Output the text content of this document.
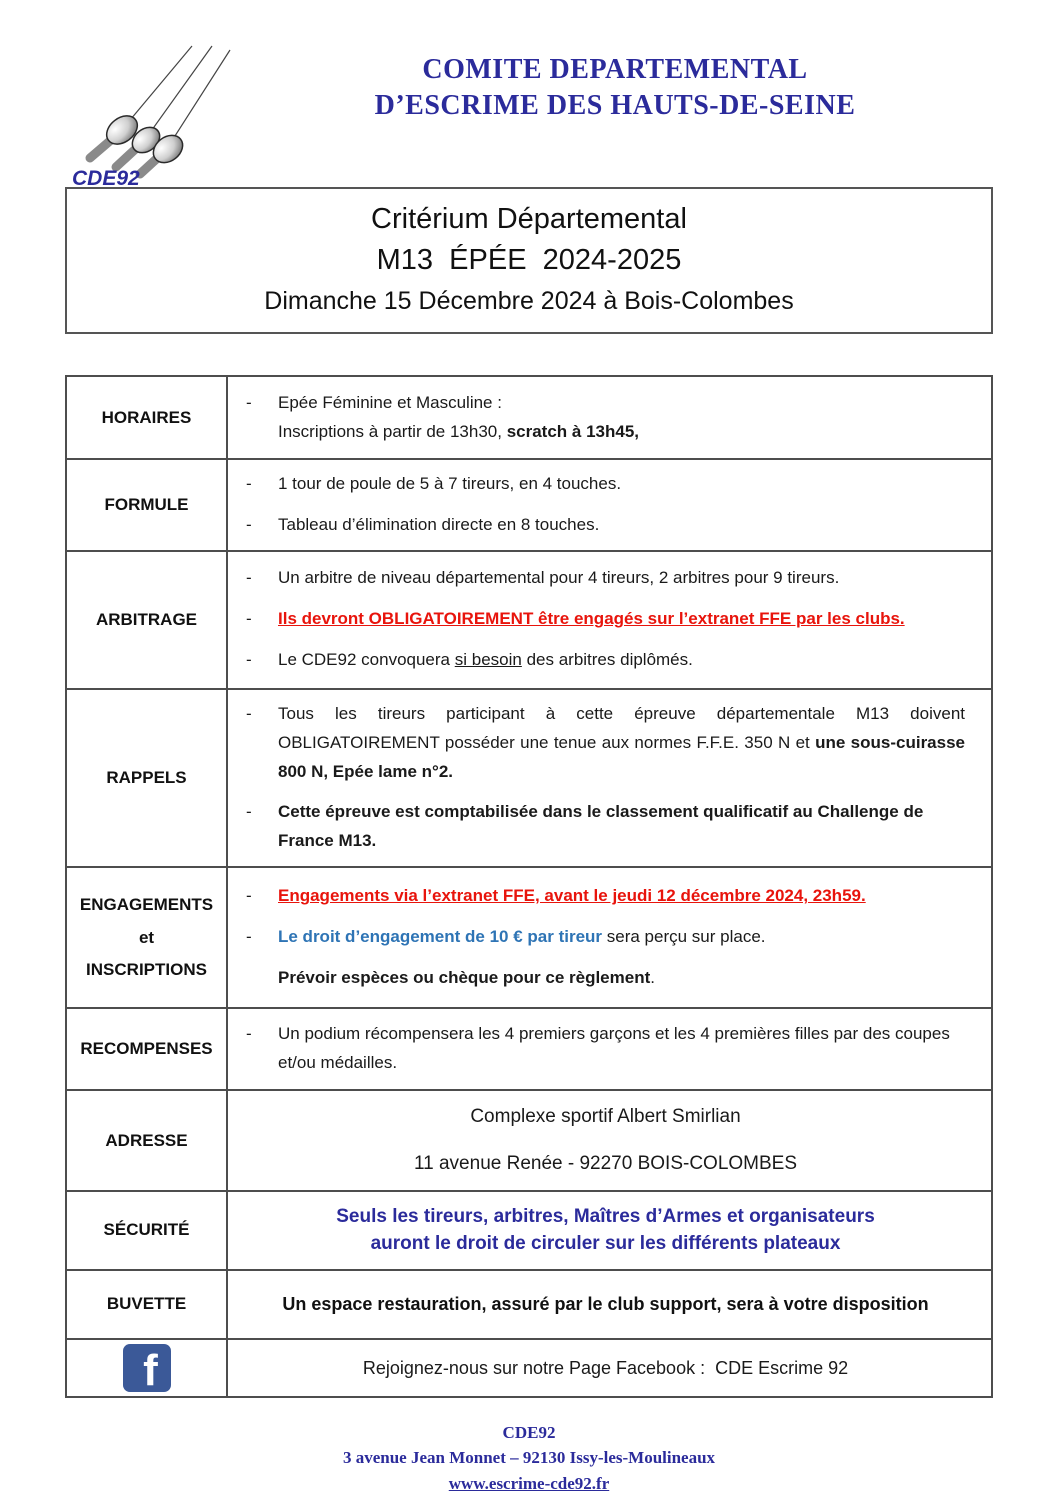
CDE92
COMITE DEPARTEMENTAL
D’ESCRIME DES HAUTS-DE-SEINE
Critérium Départemental
M13  ÉPÉE  2024-2025
Dimanche 15 Décembre 2024 à Bois-Colombes
HORAIRES
-	Epée Féminine et Masculine :
Inscriptions à partir de 13h30, scratch à 13h45,
FORMULE
-	1 tour de poule de 5 à 7 tireurs, en 4 touches.
-	Tableau d’élimination directe en 8 touches.
ARBITRAGE
-	Un arbitre de niveau départemental pour 4 tireurs, 2 arbitres pour 9 tireurs.
-	Ils devront OBLIGATOIREMENT être engagés sur l’extranet FFE par les clubs.
-	Le CDE92 convoquera si besoin des arbitres diplômés.
RAPPELS
-	Tous les tireurs participant à cette épreuve départementale M13 doivent OBLIGATOIREMENT posséder une tenue aux normes F.F.E. 350 N et une sous-cuirasse 800 N, Epée lame n°2.
-	Cette épreuve est comptabilisée dans le classement qualificatif au Challenge de France M13.
ENGAGEMENTS
et
INSCRIPTIONS
-	Engagements via l’extranet FFE, avant le jeudi 12 décembre 2024, 23h59.
-	Le droit d’engagement de 10 € par tireur sera perçu sur place.
Prévoir espèces ou chèque pour ce règlement.
RECOMPENSES
-	Un podium récompensera les 4 premiers garçons et les 4 premières filles par des coupes et/ou médailles.
ADRESSE
Complexe sportif Albert Smirlian
11 avenue Renée - 92270 BOIS-COLOMBES
SÉCURITÉ
Seuls les tireurs, arbitres, Maîtres d’Armes et organisateurs
auront le droit de circuler sur les différents plateaux
BUVETTE	Un espace restauration, assuré par le club support, sera à votre disposition
f	Rejoignez-nous sur notre Page Facebook :  CDE Escrime 92
CDE92
3 avenue Jean Monnet – 92130 Issy-les-Moulineaux
www.escrime-cde92.fr
